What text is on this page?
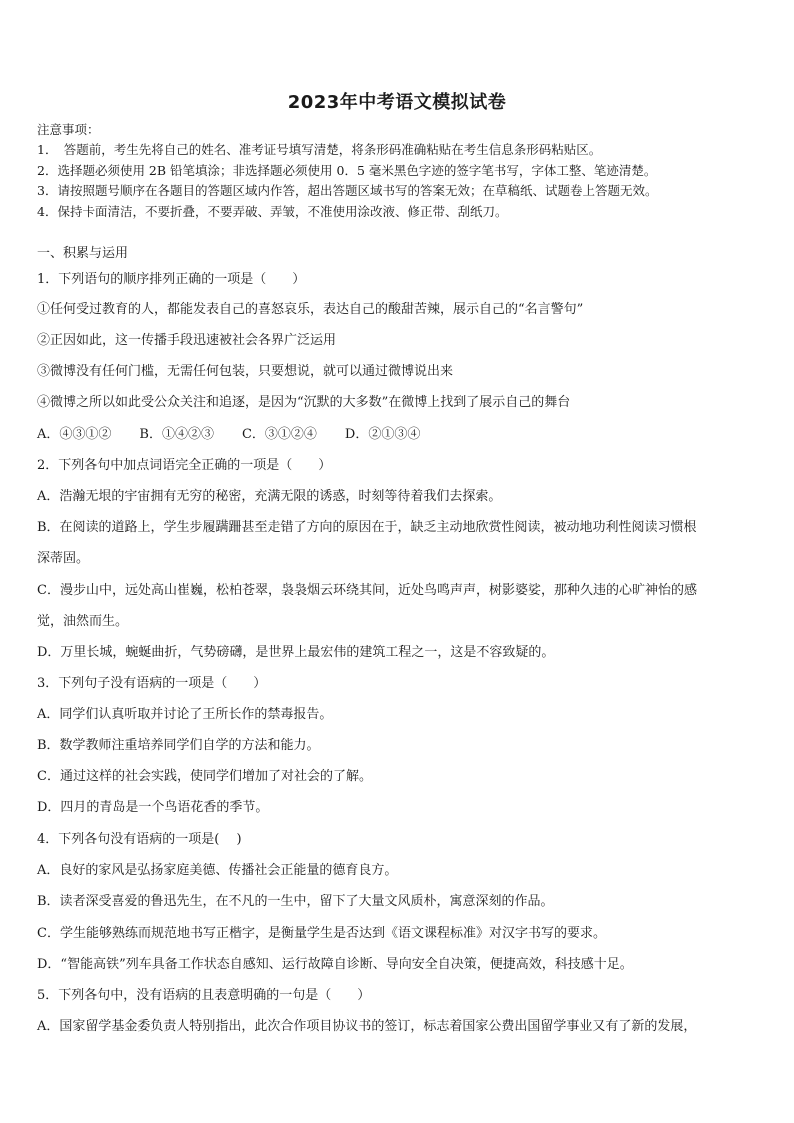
2023年中考语文模拟试卷
注意事项：
1．　答题前，考生先将自己的姓名、准考证号填写清楚，将条形码准确粘贴在考生信息条形码粘贴区。
2．选择题必须使用 2B 铅笔填涂；非选择题必须使用 0．5 毫米黑色字迹的签字笔书写，字体工整、笔迹清楚。
3．请按照题号顺序在各题目的答题区域内作答，超出答题区域书写的答案无效；在草稿纸、试题卷上答题无效。
4．保持卡面清洁，不要折叠，不要弄破、弄皱，不准使用涂改液、修正带、刮纸刀。
一、积累与运用
1．下列语句的顺序排列正确的一项是（　　）
①任何受过教育的人，都能发表自己的喜怒哀乐，表达自己的酸甜苦辣，展示自己的“名言警句”
②正因如此，这一传播手段迅速被社会各界广泛运用
③微博没有任何门槛，无需任何包装，只要想说，就可以通过微博说出来
④微博之所以如此受公众关注和追逐，是因为“沉默的大多数”在微博上找到了展示自己的舞台
A．④③①② B．①④②③ C．③①②④ D．②①③④
2．下列各句中加点词语完全正确的一项是（　　）
A．浩瀚无垠的宇宙拥有无穷的秘密，充满无限的诱惑，时刻等待着我们去探索。
B．在阅读的道路上，学生步履蹒跚甚至走错了方向的原因在于，缺乏主动地欣赏性阅读，被动地功利性阅读习惯根
深蒂固。
C．漫步山中，远处高山崔巍，松柏苍翠，袅袅烟云环绕其间，近处鸟鸣声声，树影婆娑，那种久违的心旷神怡的感
觉，油然而生。
D．万里长城，蜿蜒曲折，气势磅礴，是世界上最宏伟的建筑工程之一，这是不容致疑的。
3．下列句子没有语病的一项是（　　）
A．同学们认真听取并讨论了王所长作的禁毒报告。
B．数学教师注重培养同学们自学的方法和能力。
C．通过这样的社会实践，使同学们增加了对社会的了解。
D．四月的青岛是一个鸟语花香的季节。
4．下列各句没有语病的一项是(　 )
A．良好的家风是弘扬家庭美德、传播社会正能量的德育良方。
B．读者深受喜爱的鲁迅先生，在不凡的一生中，留下了大量文风质朴，寓意深刻的作品。
C．学生能够熟练而规范地书写正楷字，是衡量学生是否达到《语文课程标准》对汉字书写的要求。
D．“智能高铁”列车具备工作状态自感知、运行故障自诊断、导向安全自决策，便捷高效，科技感十足。
5．下列各句中，没有语病的且表意明确的一句是（　　）
A．国家留学基金委负责人特别指出，此次合作项目协议书的签订，标志着国家公费出国留学事业又有了新的发展，
